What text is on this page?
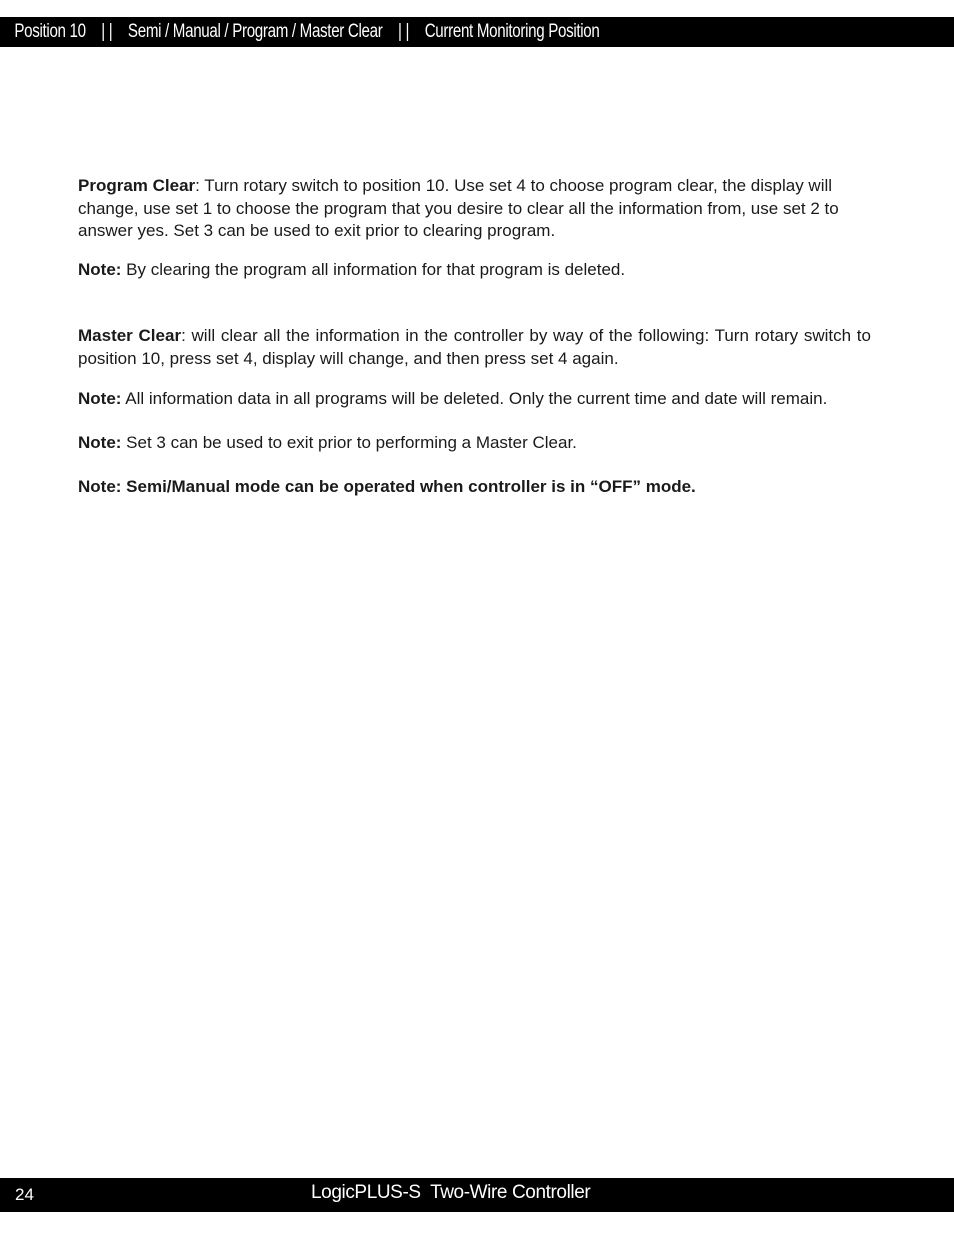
Position 10 | | Semi / Manual / Program / Master Clear | | Current Monitoring Position

Program Clear: Turn rotary switch to position 10. Use set 4 to choose program clear, the display will change, use set 1 to choose the program that you desire to clear all the information from, use set 2 to answer yes. Set 3 can be used to exit prior to clearing program.

Note: By clearing the program all information for that program is deleted.

Master Clear: will clear all the information in the controller by way of the following: Turn rotary switch to position 10, press set 4, display will change, and then press set 4 again.

Note: All information data in all programs will be deleted. Only the current time and date will remain.

Note: Set 3 can be used to exit prior to performing a Master Clear.

Note: Semi/Manual mode can be operated when controller is in “OFF” mode.

24	LogicPLUS-S  Two-Wire Controller
